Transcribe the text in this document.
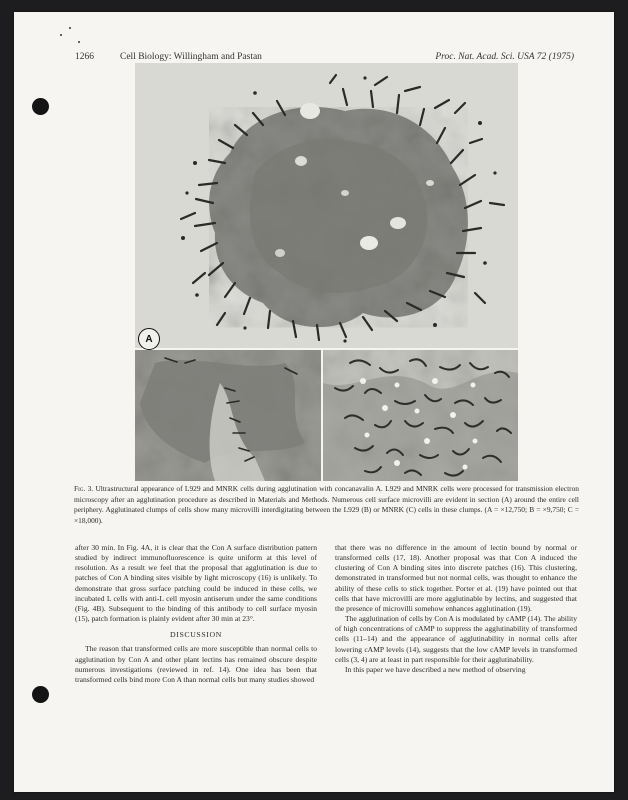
1266	Cell Biology: Willingham and Pastan	Proc. Nat. Acad. Sci. USA 72 (1975)
A
Fig. 3. Ultrastructural appearance of L929 and MNRK cells during agglutination with concanavalin A. L929 and MNRK cells were processed for transmission electron microscopy after an agglutination procedure as described in Materials and Methods. Numerous cell surface microvilli are evident in section (A) around the entire cell periphery. Agglutinated clumps of cells show many microvilli interdigitating between the L929 (B) or MNRK (C) cells in these clumps. (A = ×12,750; B = ×9,750; C = ×18,000).

after 30 min. In Fig. 4A, it is clear that the Con A surface distribution pattern studied by indirect immunofluorescence is quite uniform at this level of resolution. As a result we feel that the proposal that agglutination is due to patches of Con A binding sites visible by light microscopy (16) is unlikely. To demonstrate that gross surface patching could be induced in these cells, we incubated L cells with anti-L cell myosin antiserum under the same conditions (Fig. 4B). Subsequent to the binding of this antibody to cell surface myosin (15), patch formation is plainly evident after 30 min at 23°.

DISCUSSION

The reason that transformed cells are more susceptible than normal cells to agglutination by Con A and other plant lectins has remained obscure despite numerous investigations (reviewed in ref. 14). One idea has been that transformed cells bind more Con A than normal cells but many studies showed

that there was no difference in the amount of lectin bound by normal or transformed cells (17, 18). Another proposal was that Con A induced the clustering of Con A binding sites into discrete patches (16). This clustering, demonstrated in transformed but not normal cells, was thought to enhance the ability of these cells to stick together. Porter et al. (19) have pointed out that cells that have microvilli are more agglutinable by lectins, and suggested that the presence of microvilli somehow enhances agglutination (19).

The agglutination of cells by Con A is modulated by cAMP (14). The ability of high concentrations of cAMP to suppress the agglutinability of transformed cells (11–14) and the appearance of agglutinability in normal cells after lowering cAMP levels (14), suggests that the low cAMP levels in transformed cells (3, 4) are at least in part responsible for their agglutinability.

In this paper we have described a new method of observing
